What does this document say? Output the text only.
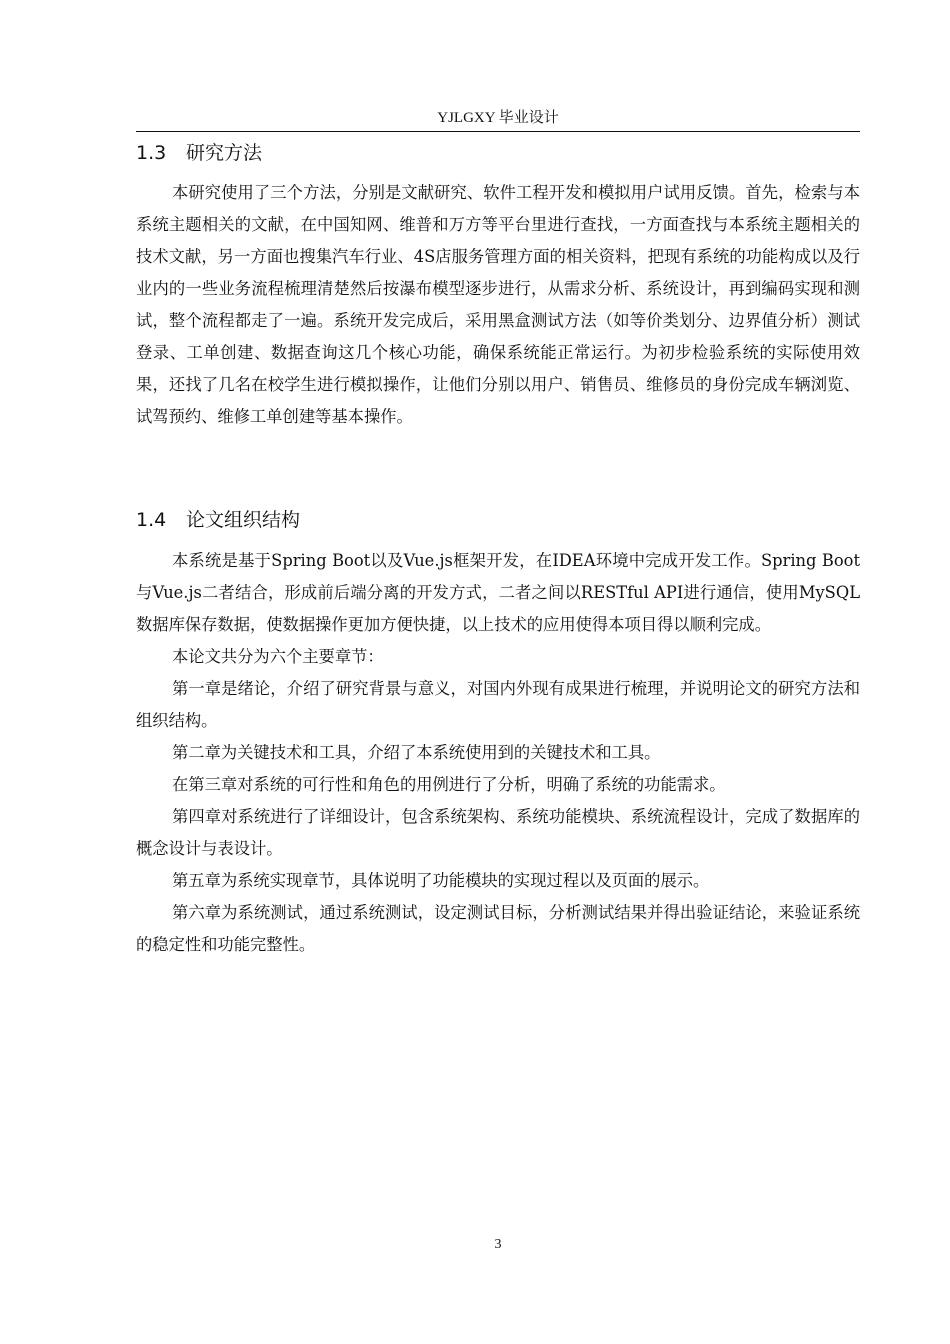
YJLGXY 毕业设计
1.3 研究方法

本研究使用了三个方法，分别是文献研究、软件工程开发和模拟用户试用反馈。首先，检索与本系统主题相关的文献，在中国知网、维普和万方等平台里进行查找，一方面查找与本系统主题相关的技术文献，另一方面也搜集汽车行业、4S店服务管理方面的相关资料，把现有系统的功能构成以及行业内的一些业务流程梳理清楚然后按瀑布模型逐步进行，从需求分析、系统设计，再到编码实现和测试，整个流程都走了一遍。系统开发完成后，采用黑盒测试方法（如等价类划分、边界值分析）测试登录、工单创建、数据查询这几个核心功能，确保系统能正常运行。为初步检验系统的实际使用效果，还找了几名在校学生进行模拟操作，让他们分别以用户、销售员、维修员的身份完成车辆浏览、试驾预约、维修工单创建等基本操作。

1.4 论文组织结构

本系统是基于Spring Boot以及Vue.js框架开发，在IDEA环境中完成开发工作。Spring Boot与Vue.js二者结合，形成前后端分离的开发方式，二者之间以RESTful API进行通信，使用MySQL数据库保存数据，使数据操作更加方便快捷，以上技术的应用使得本项目得以顺利完成。

本论文共分为六个主要章节：

第一章是绪论，介绍了研究背景与意义，对国内外现有成果进行梳理，并说明论文的研究方法和组织结构。

第二章为关键技术和工具，介绍了本系统使用到的关键技术和工具。

在第三章对系统的可行性和角色的用例进行了分析，明确了系统的功能需求。

第四章对系统进行了详细设计，包含系统架构、系统功能模块、系统流程设计，完成了数据库的概念设计与表设计。

第五章为系统实现章节，具体说明了功能模块的实现过程以及页面的展示。

第六章为系统测试，通过系统测试，设定测试目标，分析测试结果并得出验证结论，来验证系统的稳定性和功能完整性。

3
